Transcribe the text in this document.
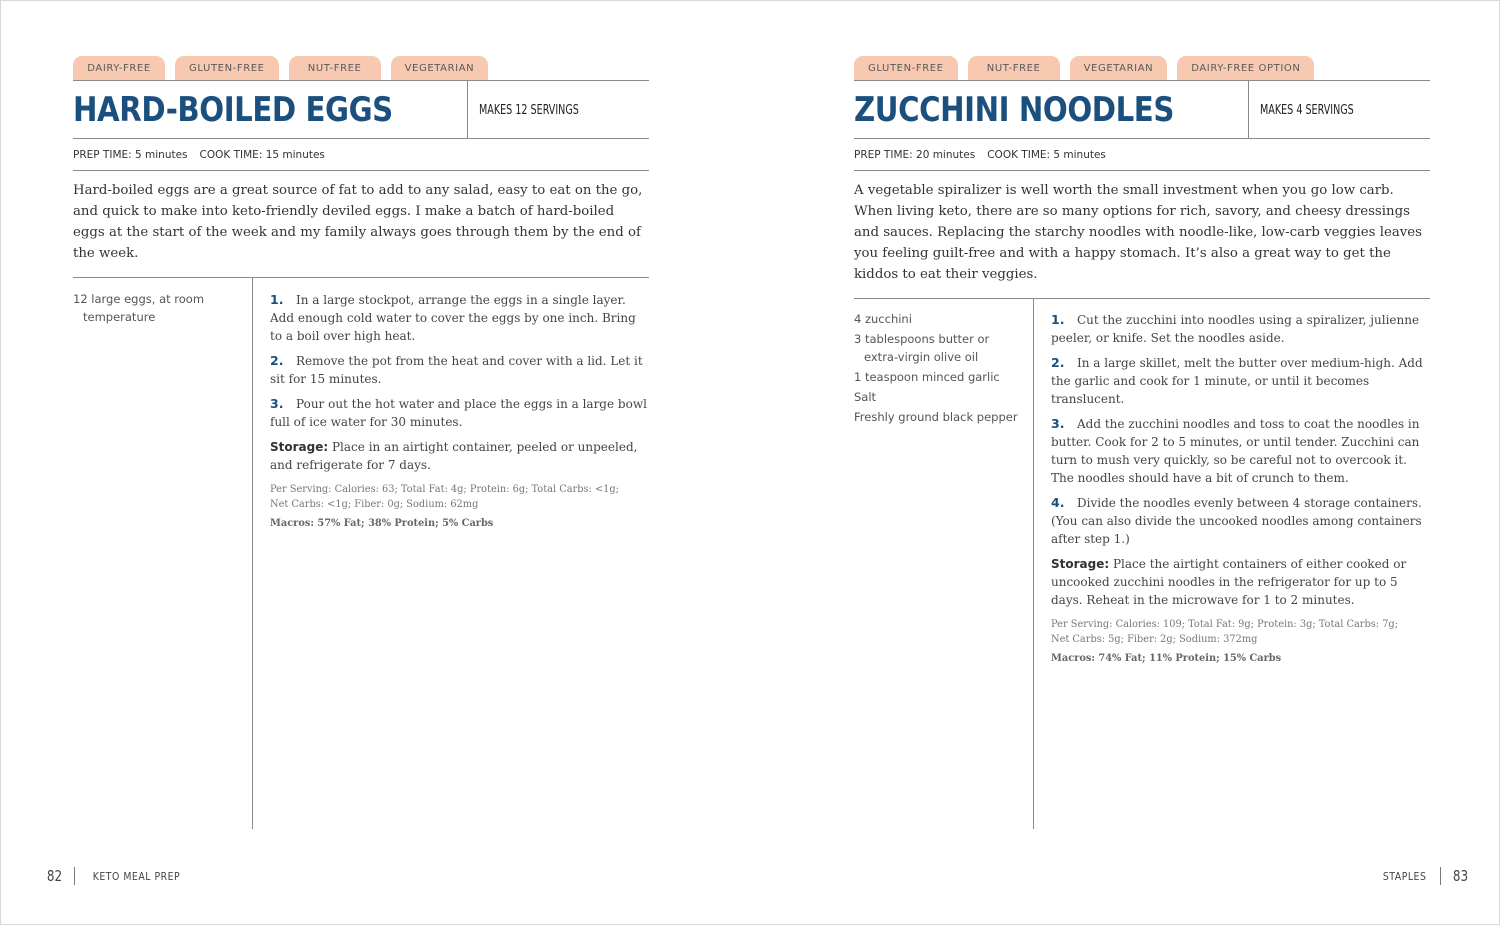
DAIRY-FREE	GLUTEN-FREE	NUT-FREE	VEGETARIAN
HARD-BOILED EGGS	MAKES 12 SERVINGS
PREP TIME: 5 minutes COOK TIME: 15 minutes
Hard-boiled eggs are a great source of fat to add to any salad, easy to eat on the go, and quick to make into keto-friendly deviled eggs. I make a batch of hard-boiled eggs at the start of the week and my family always goes through them by the end of the week.
12 large eggs, at room temperature
1. In a large stockpot, arrange the eggs in a single layer. Add enough cold water to cover the eggs by one inch. Bring to a boil over high heat.
2. Remove the pot from the heat and cover with a lid. Let it sit for 15 minutes.
3. Pour out the hot water and place the eggs in a large bowl full of ice water for 30 minutes.
Storage: Place in an airtight container, peeled or unpeeled, and refrigerate for 7 days.
Per Serving: Calories: 63; Total Fat: 4g; Protein: 6g; Total Carbs: <1g;
Net Carbs: <1g; Fiber: 0g; Sodium: 62mg
Macros: 57% Fat; 38% Protein; 5% Carbs
GLUTEN-FREE	NUT-FREE	VEGETARIAN	DAIRY-FREE OPTION
ZUCCHINI NOODLES	MAKES 4 SERVINGS
PREP TIME: 20 minutes COOK TIME: 5 minutes
A vegetable spiralizer is well worth the small investment when you go low carb. When living keto, there are so many options for rich, savory, and cheesy dressings and sauces. Replacing the starchy noodles with noodle-like, low-carb veggies leaves you feeling guilt-free and with a happy stomach. It’s also a great way to get the kiddos to eat their veggies.
4 zucchini
3 tablespoons butter or extra-virgin olive oil
1 teaspoon minced garlic
Salt
Freshly ground black pepper
1. Cut the zucchini into noodles using a spiralizer, julienne peeler, or knife. Set the noodles aside.
2. In a large skillet, melt the butter over medium-high. Add the garlic and cook for 1 minute, or until it becomes translucent.
3. Add the zucchini noodles and toss to coat the noodles in butter. Cook for 2 to 5 minutes, or until tender. Zucchini can turn to mush very quickly, so be careful not to overcook it. The noodles should have a bit of crunch to them.
4. Divide the noodles evenly between 4 storage containers. (You can also divide the uncooked noodles among containers after step 1.)
Storage: Place the airtight containers of either cooked or uncooked zucchini noodles in the refrigerator for up to 5 days. Reheat in the microwave for 1 to 2 minutes.
Per Serving: Calories: 109; Total Fat: 9g; Protein: 3g; Total Carbs: 7g;
Net Carbs: 5g; Fiber: 2g; Sodium: 372mg
Macros: 74% Fat; 11% Protein; 15% Carbs
82	KETO MEAL PREP	STAPLES 83
